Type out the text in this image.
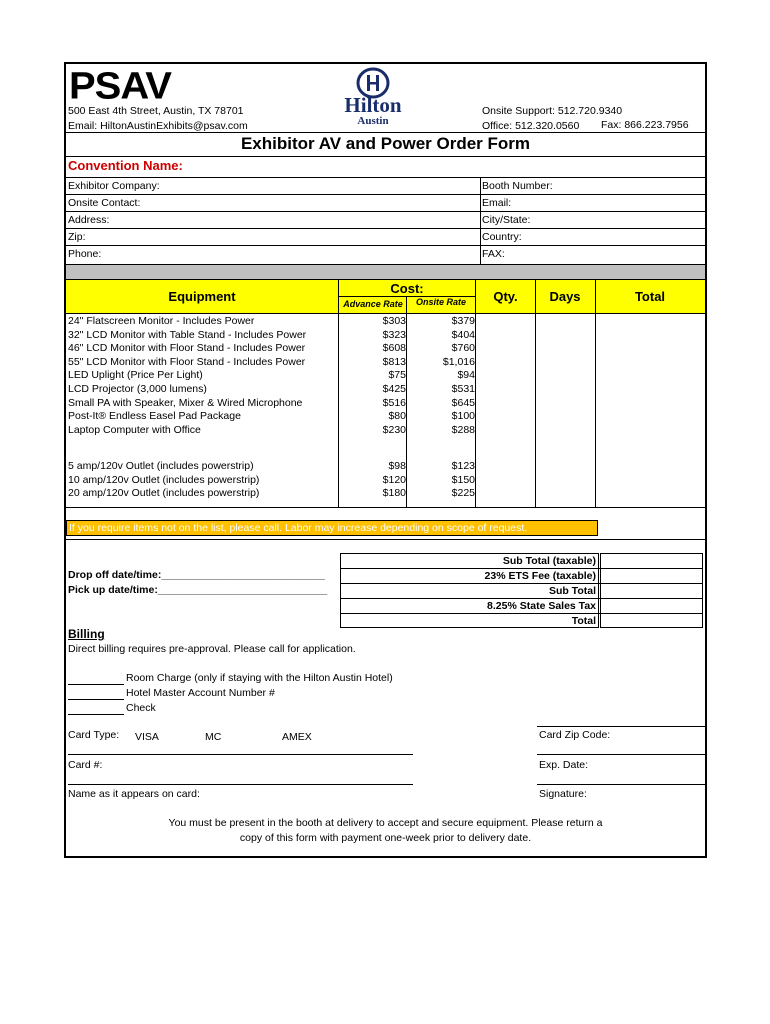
PSAV
500 East 4th Street, Austin, TX 78701
Email: HiltonAustinExhibits@psav.com
Hilton
Austin
Onsite Support: 512.720.9340
Office: 512.320.0560 Fax: 866.223.7956
Exhibitor AV and Power Order Form
Convention Name:
Exhibitor Company:
Onsite Contact:
Address:
Zip:
Phone:
Booth Number:
Email:
City/State:
Country:
FAX:
Equipment
Cost:
Advance Rate	Onsite Rate	Qty.	Days	Total
24" Flatscreen Monitor - Includes Power	$303	$379
32" LCD Monitor with Table Stand - Includes Power	$323	$404
46" LCD Monitor with Floor Stand - Includes Power	$608	$760
55" LCD Monitor with Floor Stand - Includes Power	$813	$1,016
LED Uplight (Price Per Light)	$75	$94
LCD Projector (3,000 lumens)	$425	$531
Small PA with Speaker, Mixer & Wired Microphone	$516	$645
Post-It® Endless Easel Pad Package	$80	$100
Laptop Computer with Office	$230	$288
5 amp/120v Outlet (includes powerstrip)	$98	$123
10 amp/120v Outlet (includes powerstrip)	$120	$150
20 amp/120v Outlet (includes powerstrip)	$180	$225
If you require items not on the list, please call. Labor may increase depending on scope of request.
Drop off date/time:____________________________
Pick up date/time:_____________________________
Sub Total (taxable)
23% ETS Fee (taxable)
Sub Total
8.25% State Sales Tax
Total
Billing
Direct billing requires pre-approval. Please call for application.
Room Charge (only if staying with the Hilton Austin Hotel)
Hotel Master Account Number #
Check
Card Type: VISA	MC	AMEX
Card #:
Name as it appears on card:
Card Zip Code:
Exp. Date:
Signature:
You must be present in the booth at delivery to accept and secure equipment. Please return a
copy of this form with payment one-week prior to delivery date.
